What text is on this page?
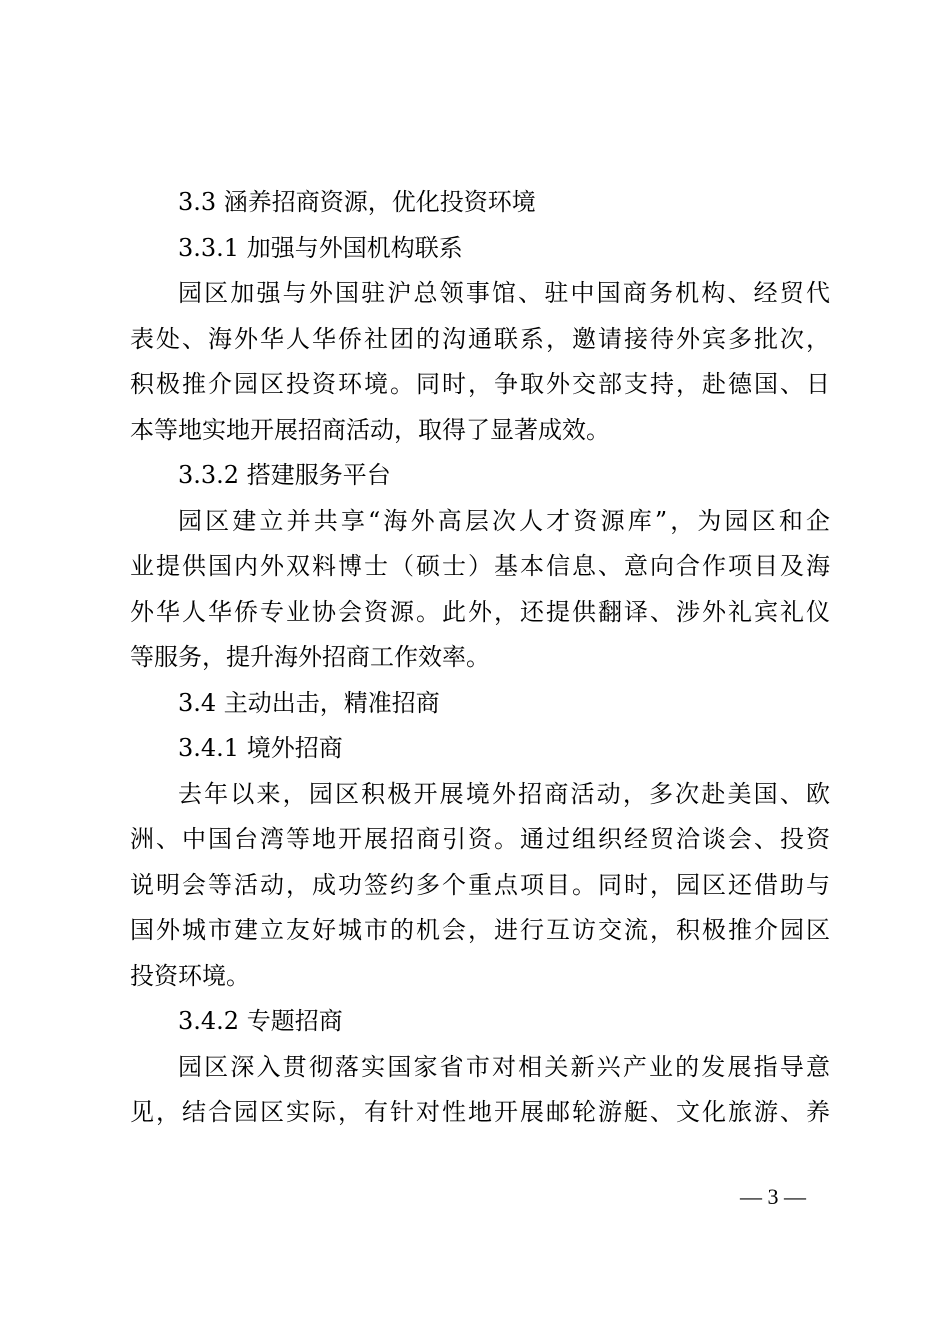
3.3 涵养招商资源，优化投资环境
3.3.1 加强与外国机构联系
园区加强与外国驻沪总领事馆、驻中国商务机构、经贸代
表处、海外华人华侨社团的沟通联系，邀请接待外宾多批次，
积极推介园区投资环境。同时，争取外交部支持，赴德国、日
本等地实地开展招商活动，取得了显著成效。
3.3.2 搭建服务平台
园区建立并共享“海外高层次人才资源库”，为园区和企
业提供国内外双料博士（硕士）基本信息、意向合作项目及海
外华人华侨专业协会资源。此外，还提供翻译、涉外礼宾礼仪
等服务，提升海外招商工作效率。
3.4 主动出击，精准招商
3.4.1 境外招商
去年以来，园区积极开展境外招商活动，多次赴美国、欧
洲、中国台湾等地开展招商引资。通过组织经贸洽谈会、投资
说明会等活动，成功签约多个重点项目。同时，园区还借助与
国外城市建立友好城市的机会，进行互访交流，积极推介园区
投资环境。
3.4.2 专题招商
园区深入贯彻落实国家省市对相关新兴产业的发展指导意
见，结合园区实际，有针对性地开展邮轮游艇、文化旅游、养
— 3 —
